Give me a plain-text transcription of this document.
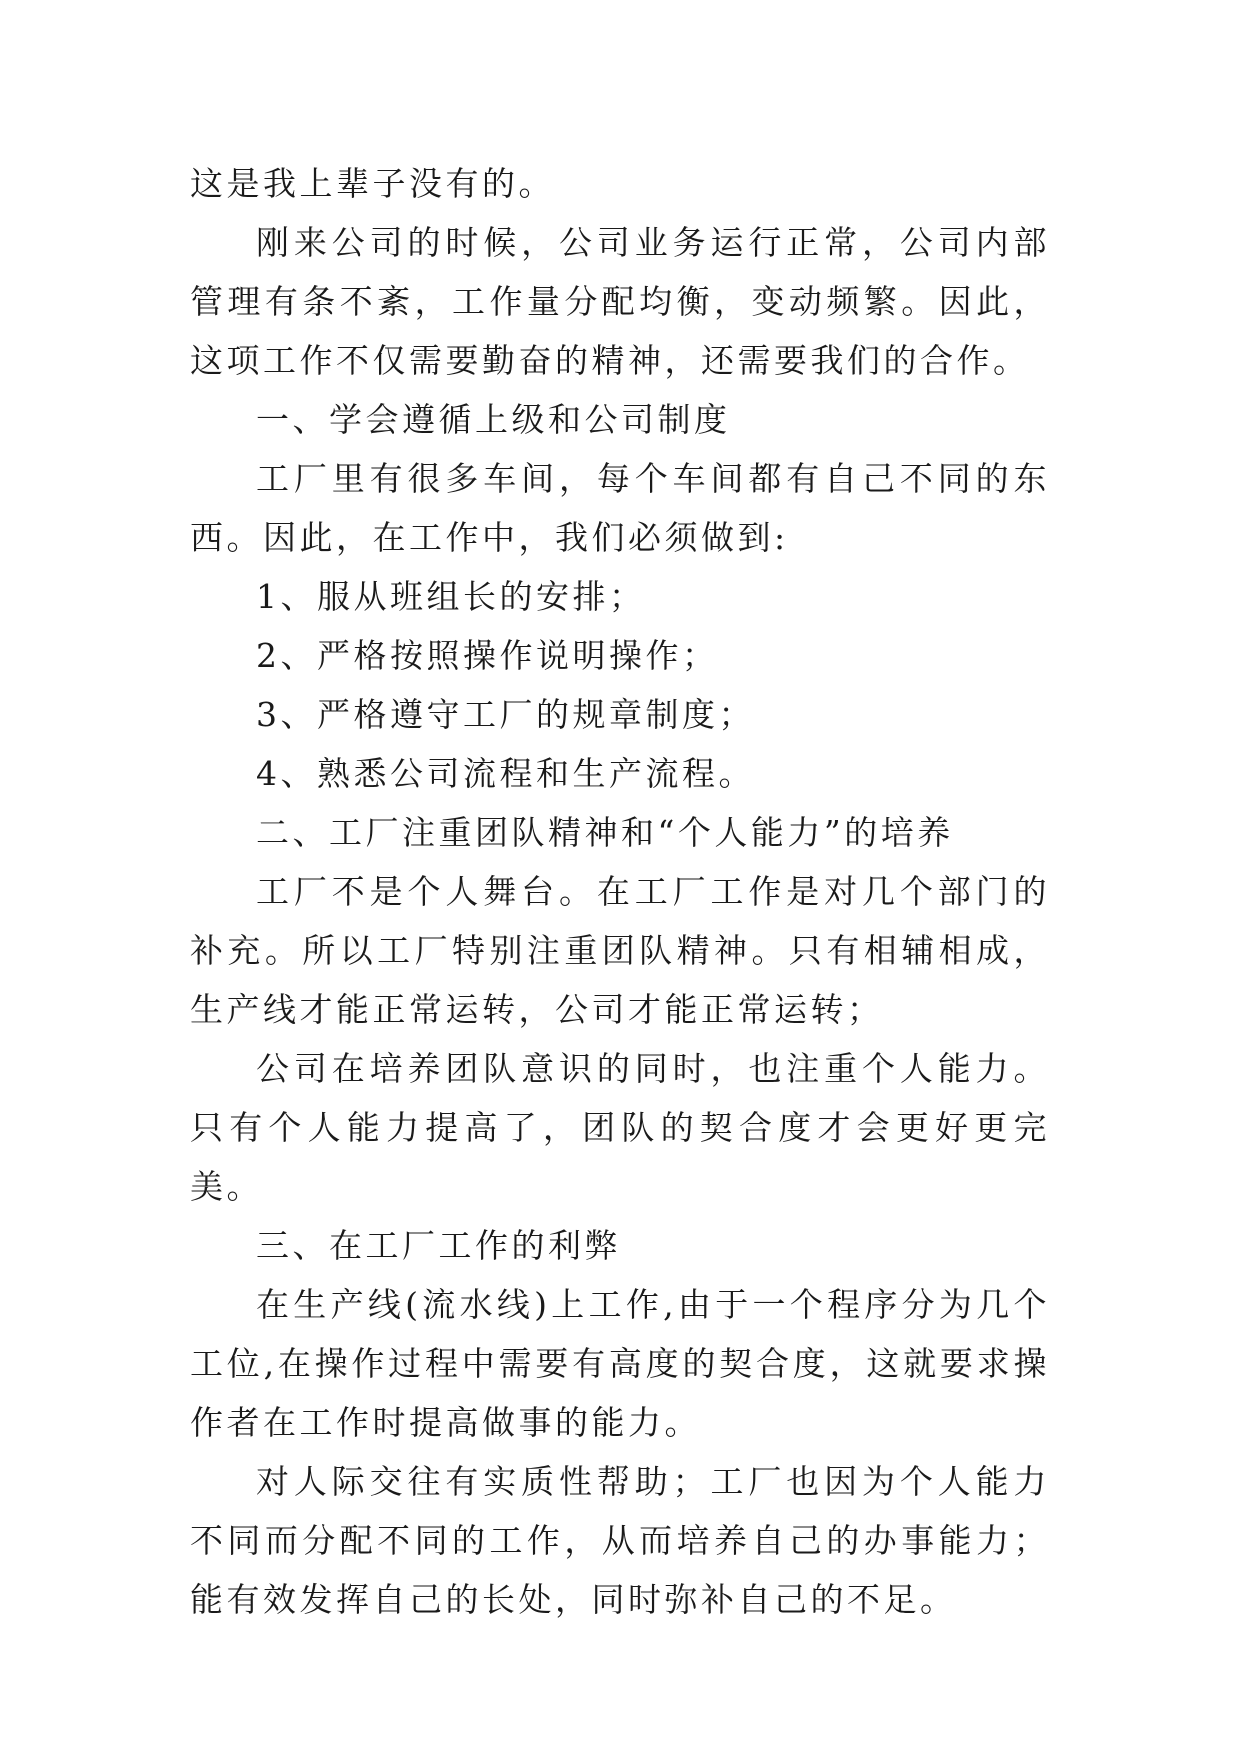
这是我上辈子没有的。

刚来公司的时候，公司业务运行正常，公司内部管理有条不紊，工作量分配均衡，变动频繁。因此，这项工作不仅需要勤奋的精神，还需要我们的合作。

一、学会遵循上级和公司制度

工厂里有很多车间，每个车间都有自己不同的东西。因此，在工作中，我们必须做到:

1、服从班组长的安排；

2、严格按照操作说明操作；

3、严格遵守工厂的规章制度；

4、熟悉公司流程和生产流程。

二、工厂注重团队精神和“个人能力”的培养

工厂不是个人舞台。在工厂工作是对几个部门的补充。所以工厂特别注重团队精神。只有相辅相成，生产线才能正常运转，公司才能正常运转；

公司在培养团队意识的同时，也注重个人能力。只有个人能力提高了，团队的契合度才会更好更完美。

三、在工厂工作的利弊

在生产线(流水线)上工作,由于一个程序分为几个工位,在操作过程中需要有高度的契合度，这就要求操作者在工作时提高做事的能力。

对人际交往有实质性帮助；工厂也因为个人能力不同而分配不同的工作，从而培养自己的办事能力；能有效发挥自己的长处，同时弥补自己的不足。
